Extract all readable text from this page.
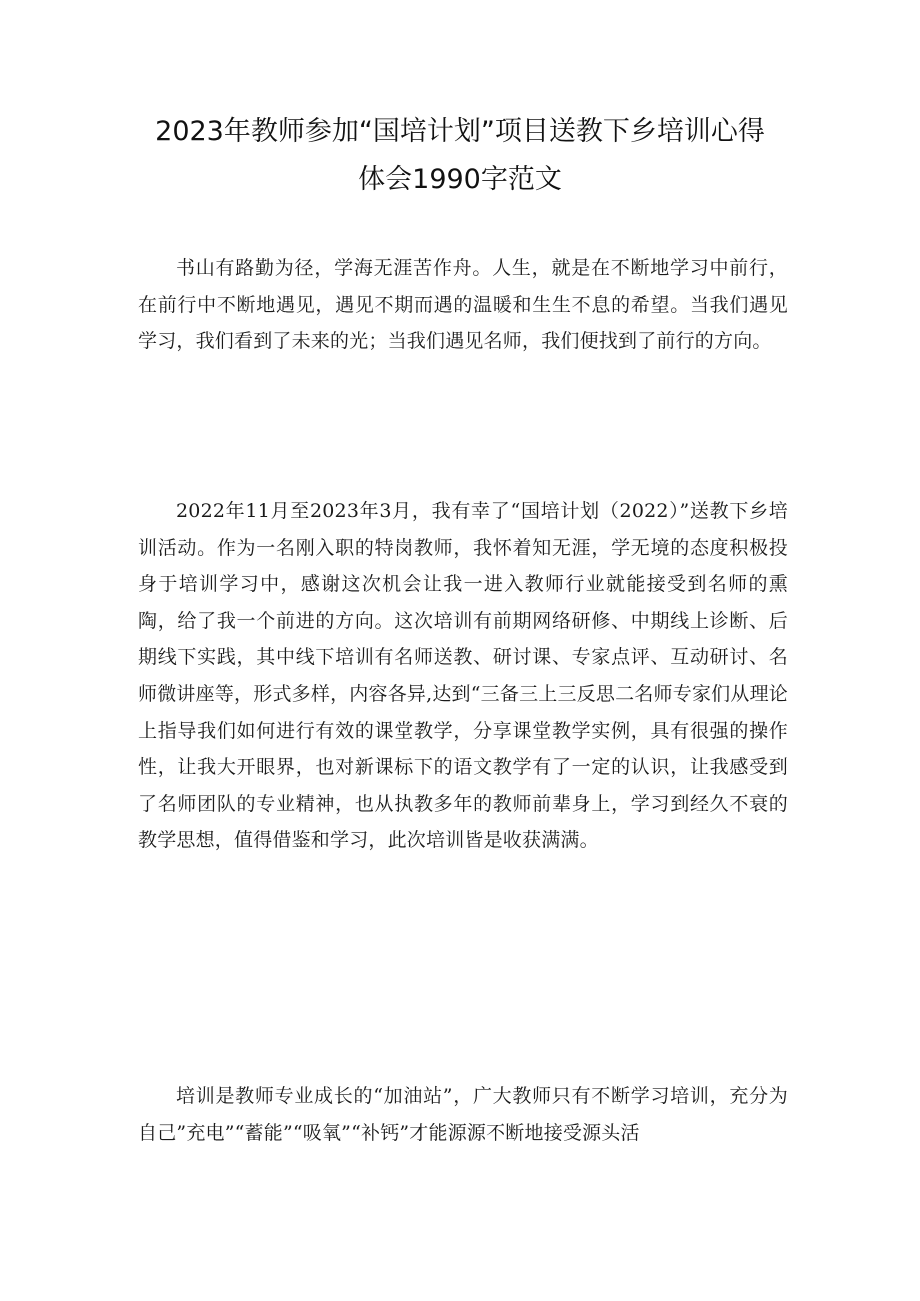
2023年教师参加“国培计划”项目送教下乡培训心得
体会1990字范文

书山有路勤为径，学海无涯苦作舟。人生，就是在不断地学习中前行，在前行中不断地遇见，遇见不期而遇的温暖和生生不息的希望。当我们遇见学习，我们看到了未来的光；当我们遇见名师，我们便找到了前行的方向。

2022年11月至2023年3月，我有幸了“国培计划（2022）”送教下乡培训活动。作为一名刚入职的特岗教师，我怀着知无涯，学无境的态度积极投身于培训学习中，感谢这次机会让我一进入教师行业就能接受到名师的熏陶，给了我一个前进的方向。这次培训有前期网络研修、中期线上诊断、后期线下实践，其中线下培训有名师送教、研讨课、专家点评、互动研讨、名师微讲座等，形式多样，内容各异,达到“三备三上三反思二名师专家们从理论上指导我们如何进行有效的课堂教学，分享课堂教学实例，具有很强的操作性，让我大开眼界，也对新课标下的语文教学有了一定的认识，让我感受到了名师团队的专业精神，也从执教多年的教师前辈身上，学习到经久不衰的教学思想，值得借鉴和学习，此次培训皆是收获满满。

培训是教师专业成长的“加油站”，广大教师只有不断学习培训，充分为自己”充电”“蓄能”“吸氧”“补钙”才能源源不断地接受源头活
